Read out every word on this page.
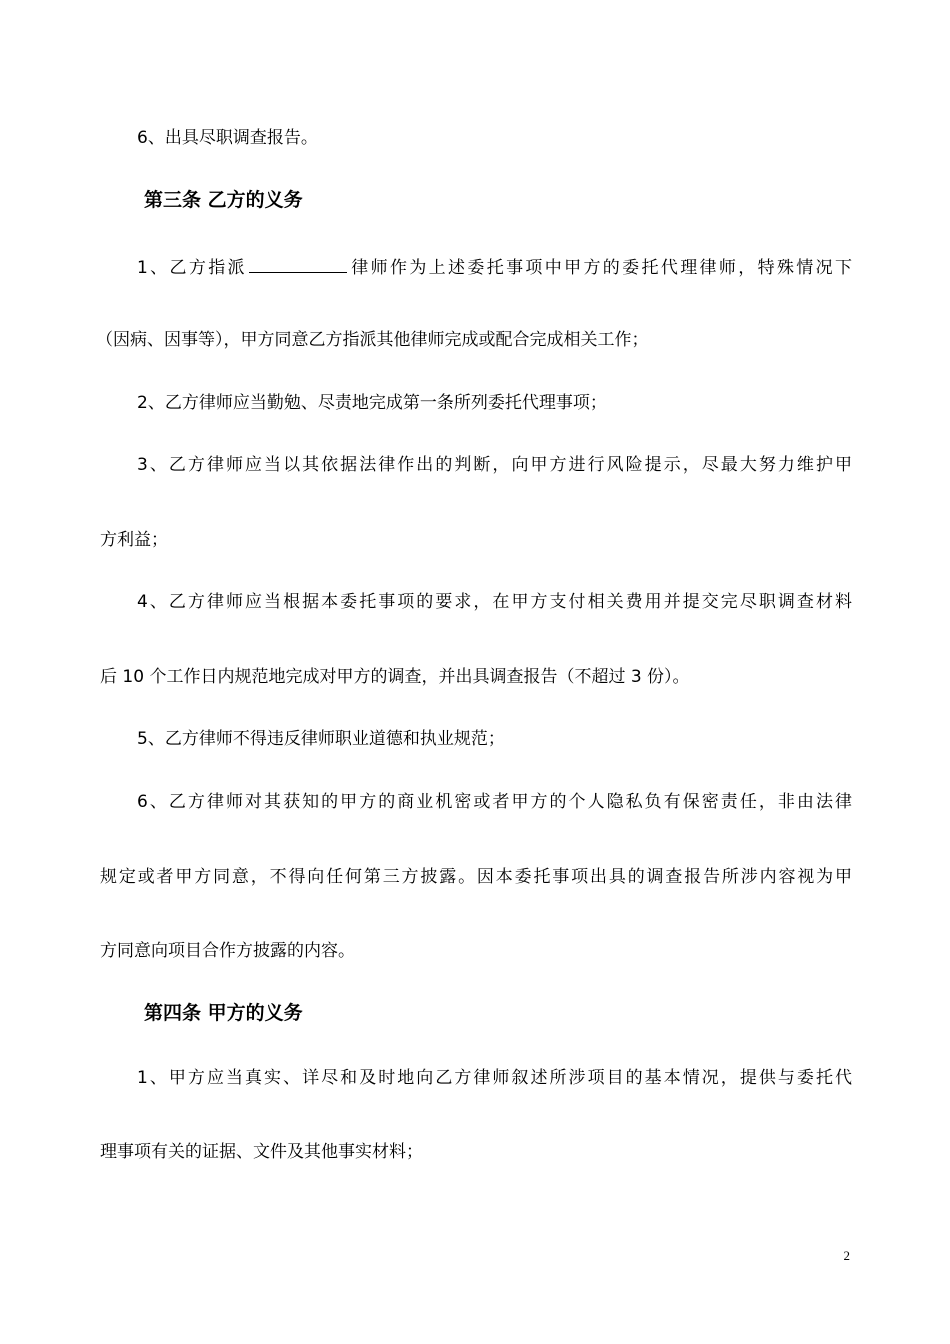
6、出具尽职调查报告。
第三条 乙方的义务
1、乙方指派	律师作为上述委托事项中甲方的委托代理律师，特殊情况下
（因病、因事等），甲方同意乙方指派其他律师完成或配合完成相关工作；
2、乙方律师应当勤勉、尽责地完成第一条所列委托代理事项；
3、乙方律师应当以其依据法律作出的判断，向甲方进行风险提示，尽最大努力维护甲
方利益；
4、乙方律师应当根据本委托事项的要求，在甲方支付相关费用并提交完尽职调查材料
后 10 个工作日内规范地完成对甲方的调查，并出具调查报告（不超过 3 份）。
5、乙方律师不得违反律师职业道德和执业规范；
6、乙方律师对其获知的甲方的商业机密或者甲方的个人隐私负有保密责任，非由法律
规定或者甲方同意，不得向任何第三方披露。因本委托事项出具的调查报告所涉内容视为甲
方同意向项目合作方披露的内容。
第四条 甲方的义务
1、甲方应当真实、详尽和及时地向乙方律师叙述所涉项目的基本情况，提供与委托代
理事项有关的证据、文件及其他事实材料；
2
